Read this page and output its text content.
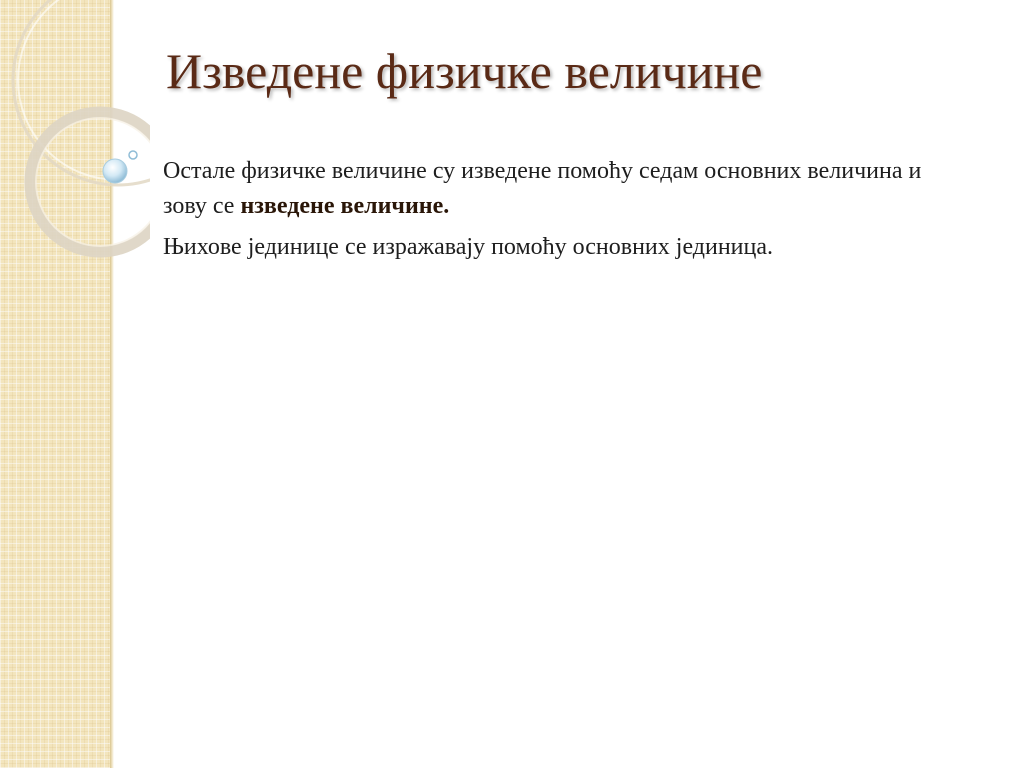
Изведене физичке величине

Остале физичке величине су изведене помоћу седам основних величина и зову се нзведене величине.

Њихове јединице се изражавају помоћу основних јединица.
